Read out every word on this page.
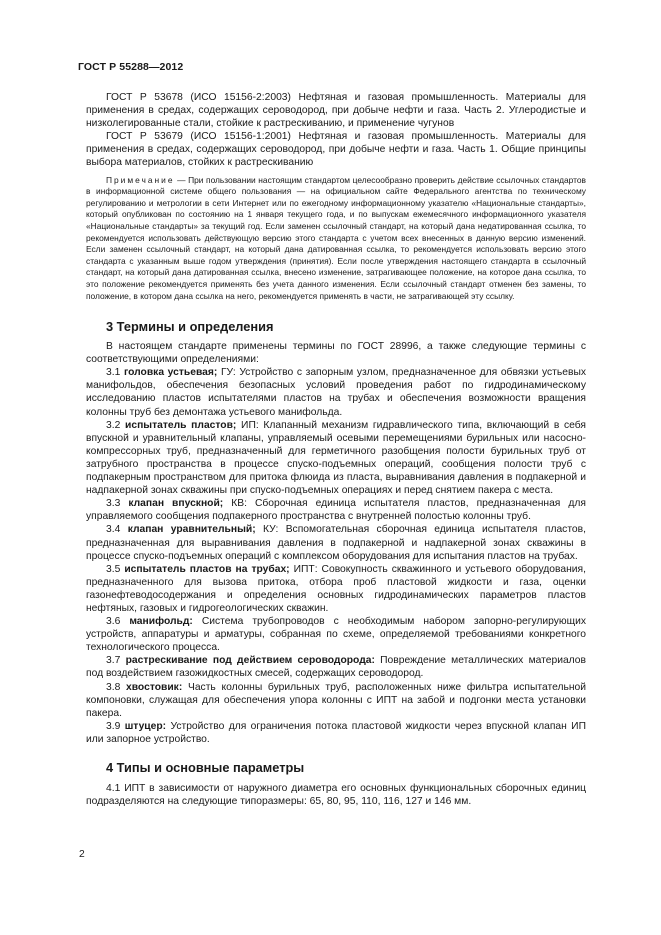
ГОСТ Р 55288—2012

ГОСТ Р 53678 (ИСО 15156-2:2003) Нефтяная и газовая промышленность. Материалы для применения в средах, содержащих сероводород, при добыче нефти и газа. Часть 2. Углеродистые и низколегированные стали, стойкие к растрескиванию, и применение чугунов

ГОСТ Р 53679 (ИСО 15156-1:2001) Нефтяная и газовая промышленность. Материалы для применения в средах, содержащих сероводород, при добыче нефти и газа. Часть 1. Общие принципы выбора материалов, стойких к растрескиванию

Примечание — При пользовании настоящим стандартом целесообразно проверить действие ссылочных стандартов в информационной системе общего пользования — на официальном сайте Федерального агентства по техническому регулированию и метрологии в сети Интернет или по ежегодному информационному указателю «Национальные стандарты», который опубликован по состоянию на 1 января текущего года, и по выпускам ежемесячного информационного указателя «Национальные стандарты» за текущий год. Если заменен ссылочный стандарт, на который дана недатированная ссылка, то рекомендуется использовать действующую версию этого стандарта с учетом всех внесенных в данную версию изменений. Если заменен ссылочный стандарт, на который дана датированная ссылка, то рекомендуется использовать версию этого стандарта с указанным выше годом утверждения (принятия). Если после утверждения настоящего стандарта в ссылочный стандарт, на который дана датированная ссылка, внесено изменение, затрагивающее положение, на которое дана ссылка, то это положение рекомендуется применять без учета данного изменения. Если ссылочный стандарт отменен без замены, то положение, в котором дана ссылка на него, рекомендуется применять в части, не затрагивающей эту ссылку.

3 Термины и определения

В настоящем стандарте применены термины по ГОСТ 28996, а также следующие термины с соответствующими определениями:

3.1 головка устьевая; ГУ: Устройство с запорным узлом, предназначенное для обвязки устьевых манифольдов, обеспечения безопасных условий проведения работ по гидродинамическому исследованию пластов испытателями пластов на трубах и обеспечения возможности вращения колонны труб без демонтажа устьевого манифольда.

3.2 испытатель пластов; ИП: Клапанный механизм гидравлического типа, включающий в себя впускной и уравнительный клапаны, управляемый осевыми перемещениями бурильных или насосно-компрессорных труб, предназначенный для герметичного разобщения полости бурильных труб от затрубного пространства в процессе спуско-подъемных операций, сообщения полости труб с подпакерным пространством для притока флюида из пласта, выравнивания давления в подпакерной и надпакерной зонах скважины при спуско-подъемных операциях и перед снятием пакера с места.

3.3 клапан впускной; КВ: Сборочная единица испытателя пластов, предназначенная для управляемого сообщения подпакерного пространства с внутренней полостью колонны труб.

3.4 клапан уравнительный; КУ: Вспомогательная сборочная единица испытателя пластов, предназначенная для выравнивания давления в подпакерной и надпакерной зонах скважины в процессе спуско-подъемных операций с комплексом оборудования для испытания пластов на трубах.

3.5 испытатель пластов на трубах; ИПТ: Совокупность скважинного и устьевого оборудования, предназначенного для вызова притока, отбора проб пластовой жидкости и газа, оценки газонефтеводосодержания и определения основных гидродинамических параметров пластов нефтяных, газовых и гидрогеологических скважин.

3.6 манифольд: Система трубопроводов с необходимым набором запорно-регулирующих устройств, аппаратуры и арматуры, собранная по схеме, определяемой требованиями конкретного технологического процесса.

3.7 растрескивание под действием сероводорода: Повреждение металлических материалов под воздействием газожидкостных смесей, содержащих сероводород.

3.8 хвостовик: Часть колонны бурильных труб, расположенных ниже фильтра испытательной компоновки, служащая для обеспечения упора колонны с ИПТ на забой и подгонки места установки пакера.

3.9 штуцер: Устройство для ограничения потока пластовой жидкости через впускной клапан ИП или запорное устройство.

4 Типы и основные параметры

4.1 ИПТ в зависимости от наружного диаметра его основных функциональных сборочных единиц подразделяются на следующие типоразмеры: 65, 80, 95, 110, 116, 127 и 146 мм.

2
